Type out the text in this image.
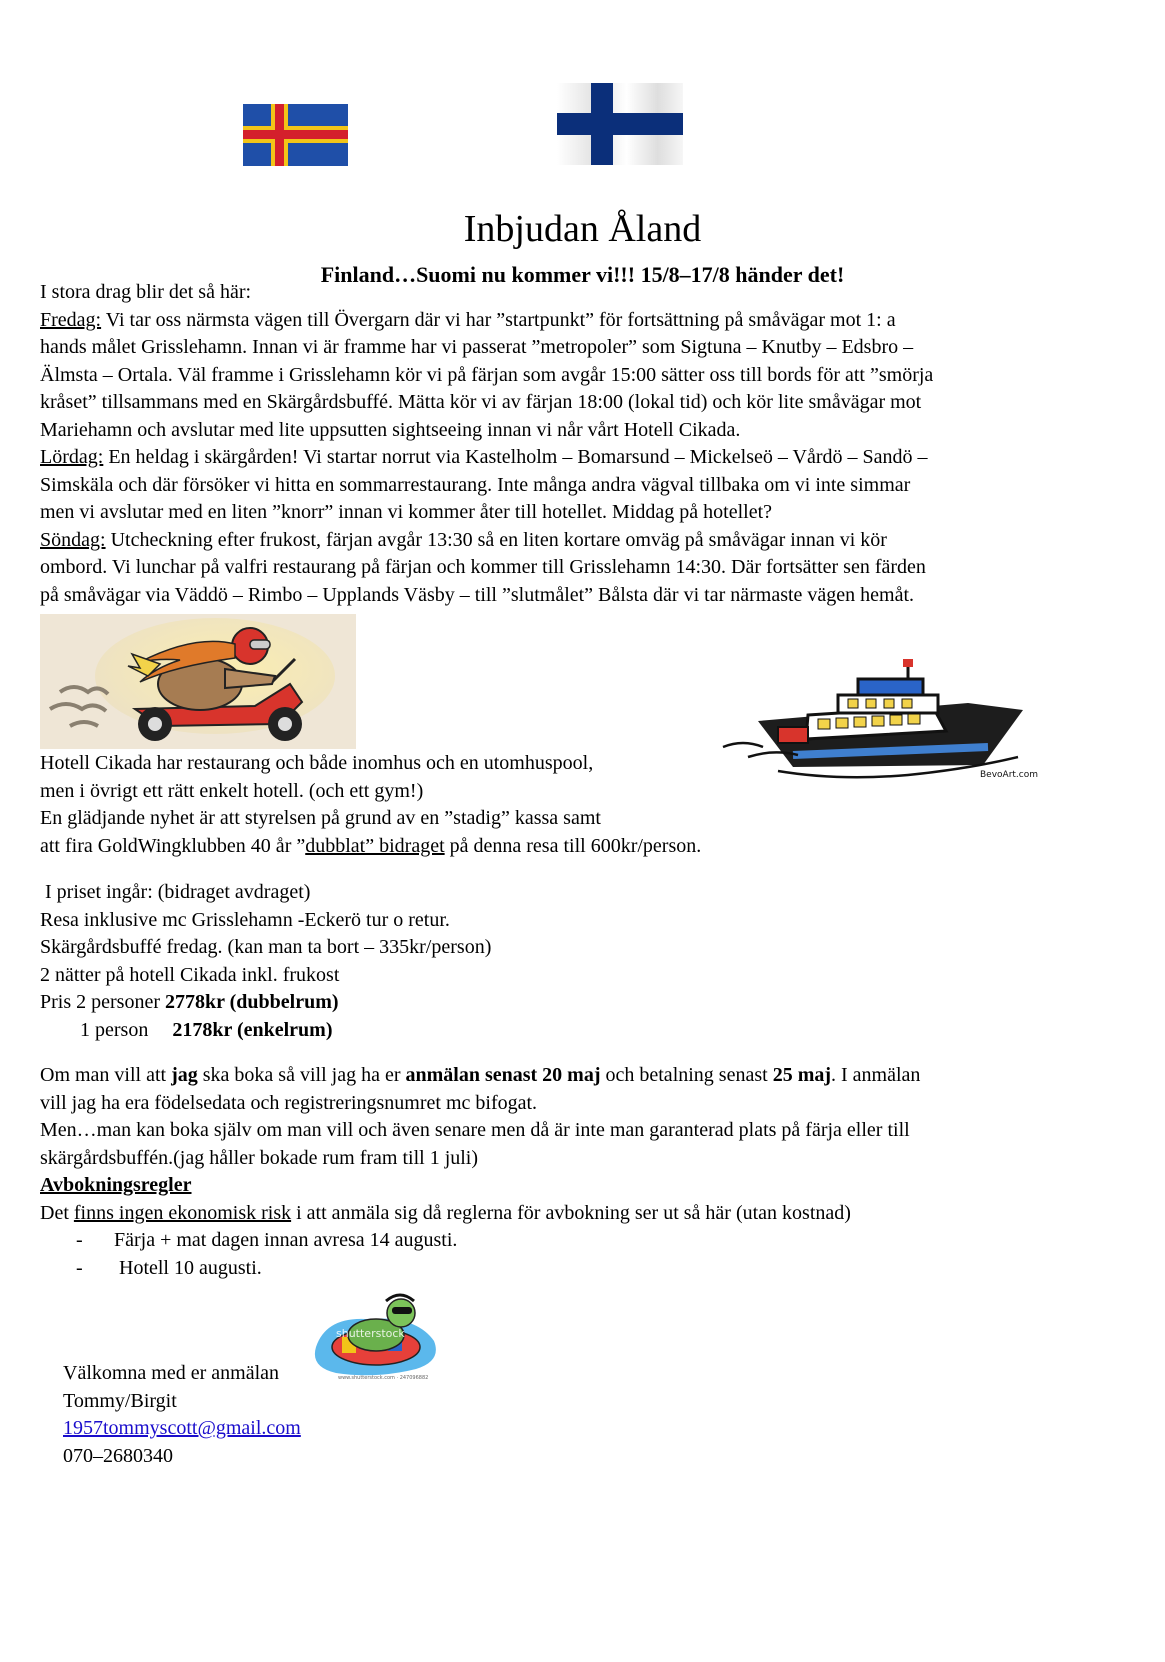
Inbjudan Åland
Finland…Suomi nu kommer vi!!! 15/8–17/8 händer det!
I stora drag blir det så här:
Fredag: Vi tar oss närmsta vägen till Övergarn där vi har ”startpunkt” för fortsättning på småvägar mot 1: a
hands målet Grisslehamn. Innan vi är framme har vi passerat ”metropoler” som Sigtuna – Knutby – Edsbro –
Älmsta – Ortala. Väl framme i Grisslehamn kör vi på färjan som avgår 15:00 sätter oss till bords för att ”smörja
kråset” tillsammans med en Skärgårdsbuffé. Mätta kör vi av färjan 18:00 (lokal tid) och kör lite småvägar mot
Mariehamn och avslutar med lite uppsutten sightseeing innan vi når vårt Hotell Cikada.
Lördag: En heldag i skärgården! Vi startar norrut via Kastelholm – Bomarsund – Mickelseö – Vårdö – Sandö –
Simskäla och där försöker vi hitta en sommarrestaurang. Inte många andra vägval tillbaka om vi inte simmar
men vi avslutar med en liten ”knorr” innan vi kommer åter till hotellet. Middag på hotellet?
Söndag: Utcheckning efter frukost, färjan avgår 13:30 så en liten kortare omväg på småvägar innan vi kör
ombord. Vi lunchar på valfri restaurang på färjan och kommer till Grisslehamn 14:30. Där fortsätter sen färden
på småvägar via Väddö – Rimbo – Upplands Väsby – till ”slutmålet” Bålsta där vi tar närmaste vägen hemåt.
BevoArt.com
Hotell Cikada har restaurang och både inomhus och en utomhuspool,
men i övrigt ett rätt enkelt hotell. (och ett gym!)
En glädjande nyhet är att styrelsen på grund av en ”stadig” kassa samt
att fira GoldWingklubben 40 år ”dubblat” bidraget på denna resa till 600kr/person.
I priset ingår: (bidraget avdraget)
Resa inklusive mc Grisslehamn -Eckerö tur o retur.
Skärgårdsbuffé fredag. (kan man ta bort – 335kr/person)
2 nätter på hotell Cikada inkl. frukost
Pris 2 personer 2778kr (dubbelrum)
1 person 2178kr (enkelrum)
Om man vill att jag ska boka så vill jag ha er anmälan senast 20 maj och betalning senast 25 maj. I anmälan
vill jag ha era födelsedata och registreringsnumret mc bifogat.
Men…man kan boka själv om man vill och även senare men då är inte man garanterad plats på färja eller till
skärgårdsbuffén.(jag håller bokade rum fram till 1 juli)
Avbokningsregler
Det finns ingen ekonomisk risk i att anmäla sig då reglerna för avbokning ser ut så här (utan kostnad)
- Färja + mat dagen innan avresa 14 augusti.
- Hotell 10 augusti.
shutterstock
www.shutterstock.com · 247096882
Välkomna med er anmälan
Tommy/Birgit
1957tommyscott@gmail.com
070–2680340
